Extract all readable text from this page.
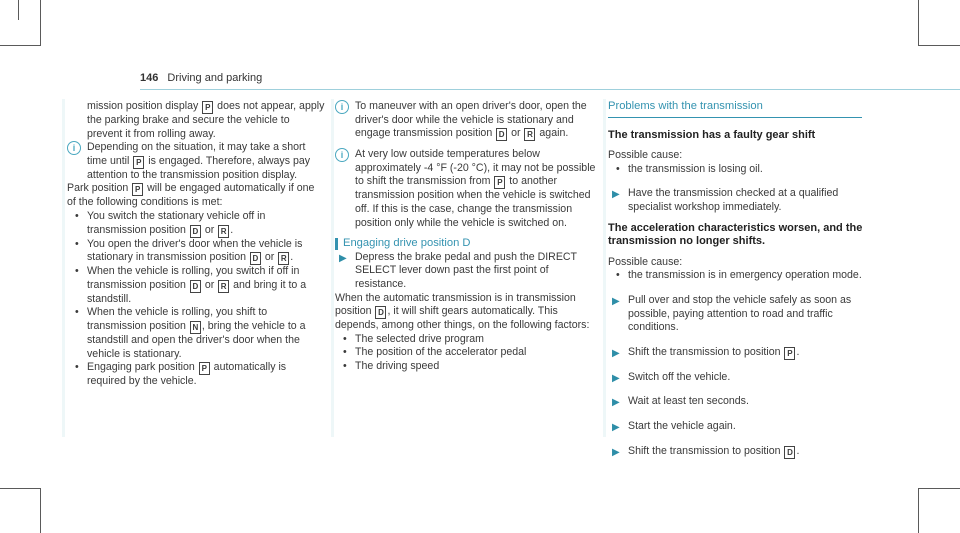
146 Driving and parking

mission position display P does not appear, apply the parking brake and secure the vehicle to prevent it from rolling away.

i	Depending on the situation, it may take a short time until P is engaged. Therefore, always pay attention to the transmission position display.

Park position P will be engaged automatically if one of the following conditions is met:

• You switch the stationary vehicle off in transmission position D or R .

• You open the driver's door when the vehicle is stationary in transmission position D or R .

• When the vehicle is rolling, you switch if off in transmission position D or R and bring it to a standstill.

• When the vehicle is rolling, you shift to transmission position N , bring the vehicle to a standstill and open the driver's door when the vehicle is stationary.

• Engaging park position P automatically is required by the vehicle.

i	To maneuver with an open driver's door, open the driver's door while the vehicle is stationary and engage transmission position D or R again.

i	At very low outside temperatures below approximately -4 °F (-20 °C), it may not be possible to shift the transmission from P to another transmission position when the vehicle is switched off. If this is the case, change the transmission position only while the vehicle is switched on.

Engaging drive position D

▶ Depress the brake pedal and push the DIRECT SELECT lever down past the first point of resistance.

When the automatic transmission is in transmission position D , it will shift gears automatically. This depends, among other things, on the following factors:

• The selected drive program

• The position of the accelerator pedal

• The driving speed

Problems with the transmission

The transmission has a faulty gear shift

Possible cause:

• the transmission is losing oil.

▶ Have the transmission checked at a qualified specialist workshop immediately.

The acceleration characteristics worsen, and the transmission no longer shifts.

Possible cause:

• the transmission is in emergency operation mode.

▶ Pull over and stop the vehicle safely as soon as possible, paying attention to road and traffic conditions.

▶ Shift the transmission to position P .

▶ Switch off the vehicle.

▶ Wait at least ten seconds.

▶ Start the vehicle again.

▶ Shift the transmission to position D .
